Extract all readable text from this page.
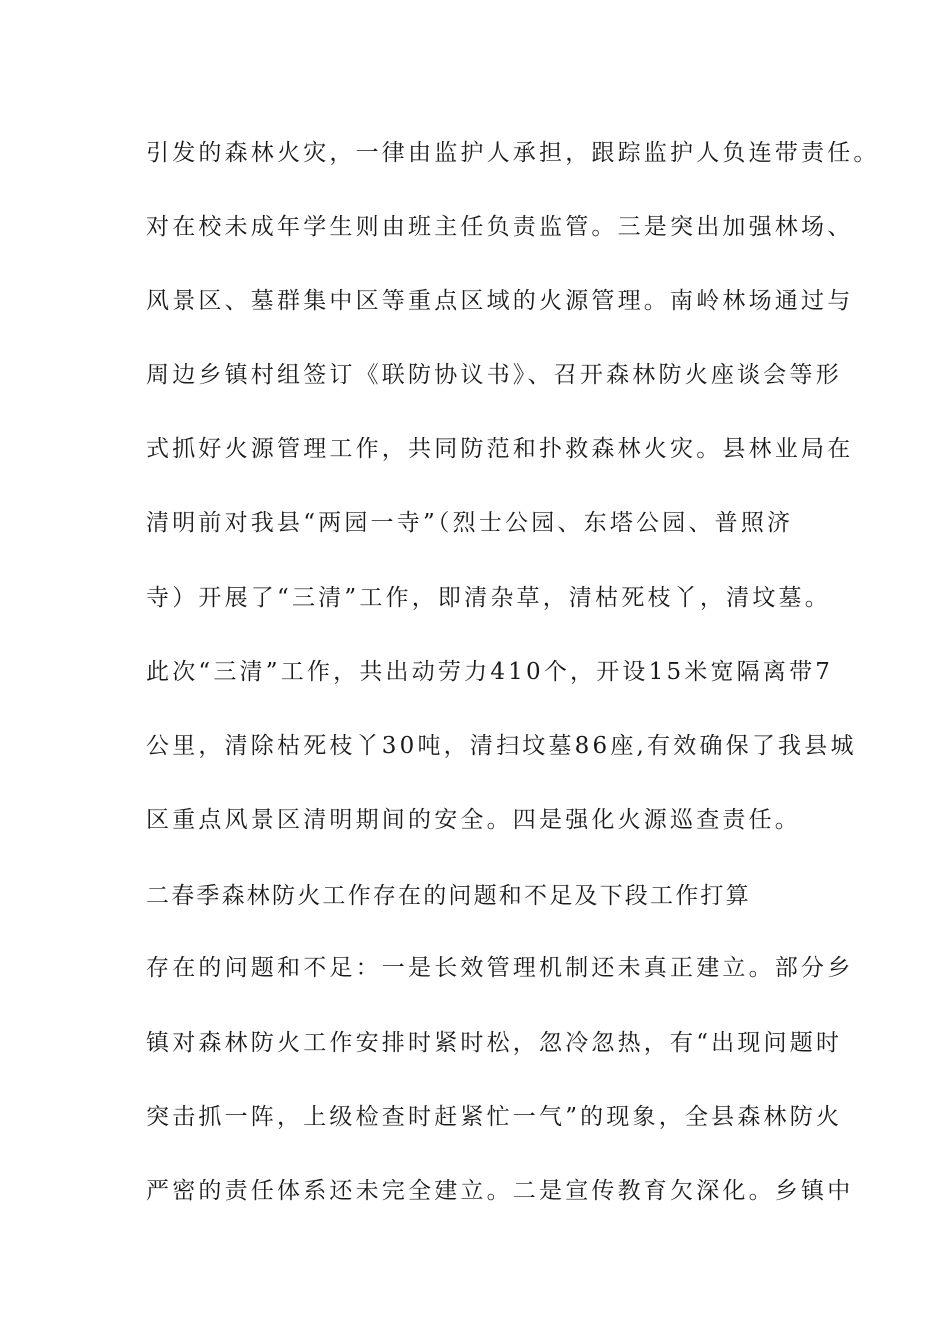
引发的森林火灾，一律由监护人承担，跟踪监护人负连带责任。
对在校未成年学生则由班主任负责监管。三是突出加强林场、
风景区、墓群集中区等重点区域的火源管理。南岭林场通过与
周边乡镇村组签订《联防协议书》、召开森林防火座谈会等形
式抓好火源管理工作，共同防范和扑救森林火灾。县林业局在
清明前对我县“两园一寺”（烈士公园、东塔公园、普照济
寺）开展了“三清”工作，即清杂草，清枯死枝丫，清坟墓。
此次“三清”工作，共出动劳力410个，开设15米宽隔离带7
公里，清除枯死枝丫30吨，清扫坟墓86座,有效确保了我县城
区重点风景区清明期间的安全。四是强化火源巡查责任。
二春季森林防火工作存在的问题和不足及下段工作打算
存在的问题和不足：一是长效管理机制还未真正建立。部分乡
镇对森林防火工作安排时紧时松，忽冷忽热，有“出现问题时
突击抓一阵，上级检查时赶紧忙一气”的现象，全县森林防火
严密的责任体系还未完全建立。二是宣传教育欠深化。乡镇中
